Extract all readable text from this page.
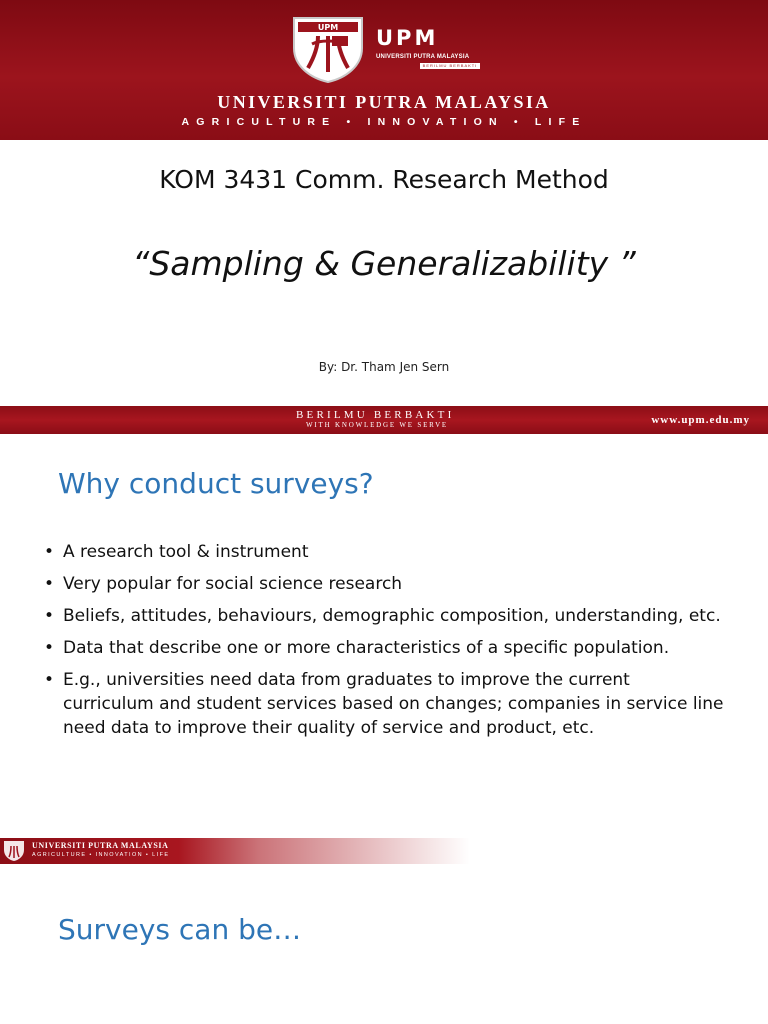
UPM UPM
UNIVERSITI PUTRA MALAYSIA
BERILMU BERBAKTI
UNIVERSITI PUTRA MALAYSIA
AGRICULTURE • INNOVATION • LIFE
KOM 3431 Comm. Research Method
“Sampling & Generalizability ”
By: Dr. Tham Jen Sern
BERILMU BERBAKTI
WITH KNOWLEDGE WE SERVE	www.upm.edu.my
Why conduct surveys?
• A research tool & instrument
• Very popular for social science research
• Beliefs, attitudes, behaviours, demographic composition, understanding, etc.
• Data that describe one or more characteristics of a specific population.
• E.g., universities need data from graduates to improve the current curriculum and student services based on changes; companies in service line need data to improve their quality of service and product, etc.
UNIVERSITI PUTRA MALAYSIA
AGRICULTURE • INNOVATION • LIFE
Surveys can be…
